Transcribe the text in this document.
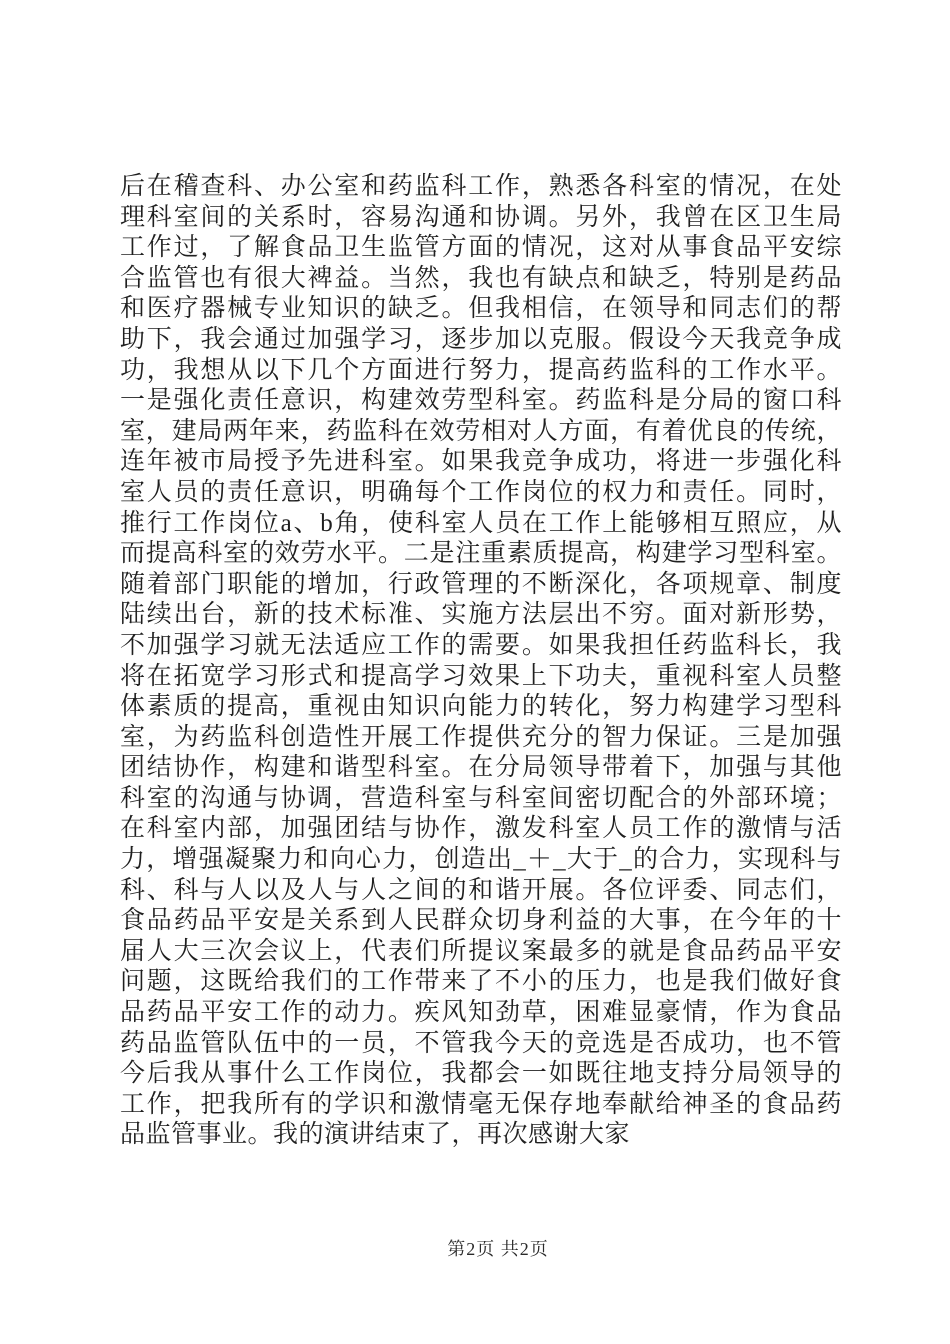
后在稽查科、办公室和药监科工作，熟悉各科室的情况，在处
理科室间的关系时，容易沟通和协调。另外，我曾在区卫生局
工作过，了解食品卫生监管方面的情况，这对从事食品平安综
合监管也有很大裨益。当然，我也有缺点和缺乏，特别是药品
和医疗器械专业知识的缺乏。但我相信，在领导和同志们的帮
助下，我会通过加强学习，逐步加以克服。假设今天我竞争成
功，我想从以下几个方面进行努力，提高药监科的工作水平。
一是强化责任意识，构建效劳型科室。药监科是分局的窗口科
室，建局两年来，药监科在效劳相对人方面，有着优良的传统，
连年被市局授予先进科室。如果我竞争成功，将进一步强化科
室人员的责任意识，明确每个工作岗位的权力和责任。同时，
推行工作岗位a、b角，使科室人员在工作上能够相互照应，从
而提高科室的效劳水平。二是注重素质提高，构建学习型科室。
随着部门职能的增加，行政管理的不断深化，各项规章、制度
陆续出台，新的技术标准、实施方法层出不穷。面对新形势，
不加强学习就无法适应工作的需要。如果我担任药监科长，我
将在拓宽学习形式和提高学习效果上下功夫，重视科室人员整
体素质的提高，重视由知识向能力的转化，努力构建学习型科
室，为药监科创造性开展工作提供充分的智力保证。三是加强
团结协作，构建和谐型科室。在分局领导带着下，加强与其他
科室的沟通与协调，营造科室与科室间密切配合的外部环境；
在科室内部，加强团结与协作，激发科室人员工作的激情与活
力，增强凝聚力和向心力，创造出_＋_大于_的合力，实现科与
科、科与人以及人与人之间的和谐开展。各位评委、同志们，
食品药品平安是关系到人民群众切身利益的大事，在今年的十
届人大三次会议上，代表们所提议案最多的就是食品药品平安
问题，这既给我们的工作带来了不小的压力，也是我们做好食
品药品平安工作的动力。疾风知劲草，困难显豪情，作为食品
药品监管队伍中的一员，不管我今天的竞选是否成功，也不管
今后我从事什么工作岗位，我都会一如既往地支持分局领导的
工作，把我所有的学识和激情毫无保存地奉献给神圣的食品药
品监管事业。我的演讲结束了，再次感谢大家
第2页 共2页
